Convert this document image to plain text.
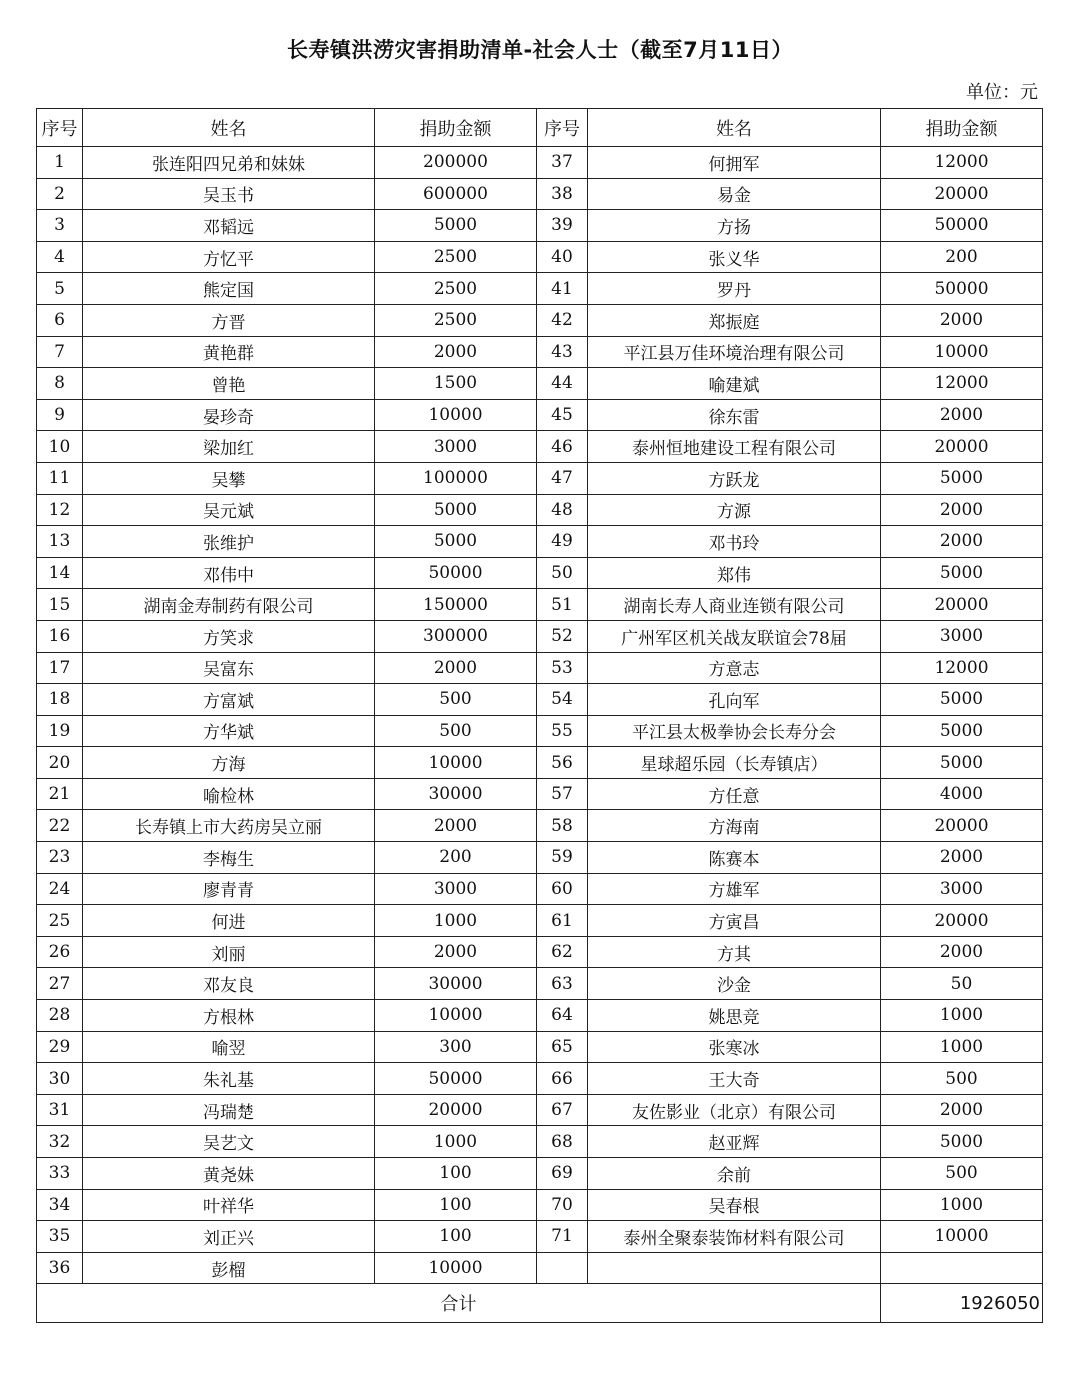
长寿镇洪涝灾害捐助清单-社会人士（截至7月11日）
单位：元
序号	姓名	捐助金额	序号	姓名	捐助金额
1	张连阳四兄弟和妹妹	200000	37	何拥军	12000
2	吴玉书	600000	38	易金	20000
3	邓韬远	5000	39	方扬	50000
4	方忆平	2500	40	张义华	200
5	熊定国	2500	41	罗丹	50000
6	方晋	2500	42	郑振庭	2000
7	黄艳群	2000	43	平江县万佳环境治理有限公司	10000
8	曾艳	1500	44	喻建斌	12000
9	晏珍奇	10000	45	徐东雷	2000
10	梁加红	3000	46	泰州恒地建设工程有限公司	20000
11	吴攀	100000	47	方跃龙	5000
12	吴元斌	5000	48	方源	2000
13	张维护	5000	49	邓书玲	2000
14	邓伟中	50000	50	郑伟	5000
15	湖南金寿制药有限公司	150000	51	湖南长寿人商业连锁有限公司	20000
16	方笑求	300000	52	广州军区机关战友联谊会78届	3000
17	吴富东	2000	53	方意志	12000
18	方富斌	500	54	孔向军	5000
19	方华斌	500	55	平江县太极拳协会长寿分会	5000
20	方海	10000	56	星球超乐园（长寿镇店）	5000
21	喻检林	30000	57	方任意	4000
22	长寿镇上市大药房吴立丽	2000	58	方海南	20000
23	李梅生	200	59	陈赛本	2000
24	廖青青	3000	60	方雄军	3000
25	何进	1000	61	方寅昌	20000
26	刘丽	2000	62	方其	2000
27	邓友良	30000	63	沙金	50
28	方根林	10000	64	姚思竞	1000
29	喻翌	300	65	张寒冰	1000
30	朱礼基	50000	66	王大奇	500
31	冯瑞楚	20000	67	友佐影业（北京）有限公司	2000
32	吴艺文	1000	68	赵亚辉	5000
33	黄尧妹	100	69	余前	500
34	叶祥华	100	70	吴春根	1000
35	刘正兴	100	71	泰州全聚泰装饰材料有限公司	10000
36	彭榴	10000			
合计					1926050
